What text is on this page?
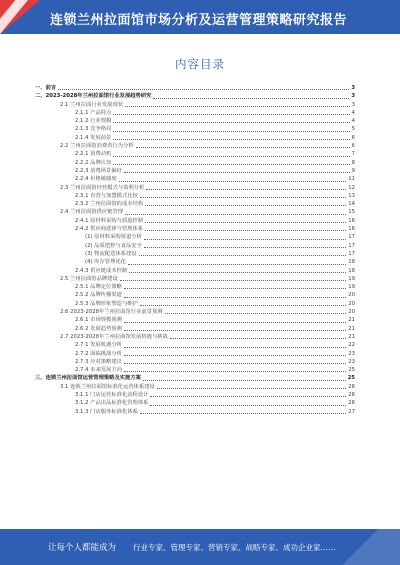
连锁兰州拉面馆市场分析及运营管理策略研究报告
内容目录
一、前言	3
二、2023-2028年兰州拉面馆行业发展趋势研究	3
2.1 兰州拉面行业发展现状	3
2.1.1 产品特点	4
2.1.2 行业规模	4
2.1.3 竞争格局	5
2.1.4 发展前景	6
2.2 兰州拉面馆消费者行为分析	6
2.2.1 消费动机	7
2.2.2 品牌认知	8
2.2.3 消费场景偏好	9
2.2.4 价格敏感度	11
2.3 兰州拉面馆经营模式与盈利分析	12
2.3.1 直营与加盟模式比较	13
2.3.2 兰州拉面馆的成本结构	14
2.4 兰州拉面馆供应链管理	15
2.4.1 原材料采购与质量控制	16
2.4.2 供应商选择与管理体系	16
(1) 原材料采购渠道分析	17
(2) 品质把控与食品安全	17
(3) 物流配送体系建设	17
(4) 库存管理优化	18
2.4.3 供应链成本控制	18
2.5 兰州拉面馆品牌建设	19
2.5.1 品牌定位策略	19
2.5.2 品牌传播渠道	20
2.5.3 品牌形象塑造与维护	20
2.6 2023-2028年兰州拉面馆行业前景预测	20
2.6.1 市场规模预测	21
2.6.2 发展趋势预测	21
2.7 2023-2028年兰州拉面馆发展机遇与挑战	21
2.7.1 发展机遇分析	22
2.7.2 面临挑战分析	23
2.7.3 应对策略建议	23
2.7.4 未来发展方向	25
三、连锁兰州拉面馆运营管理策略及实施方案	25
3.1 连锁兰州拉面馆标准化运营体系建设	26
3.1.1 门店运营标准化流程设计	26
3.1.2 产品出品标准化管理体系	26
3.1.3 门店服务标准化体系	27
让每个人都能成为 行业专家、管理专家、营销专家、战略专家、成功企业家……
